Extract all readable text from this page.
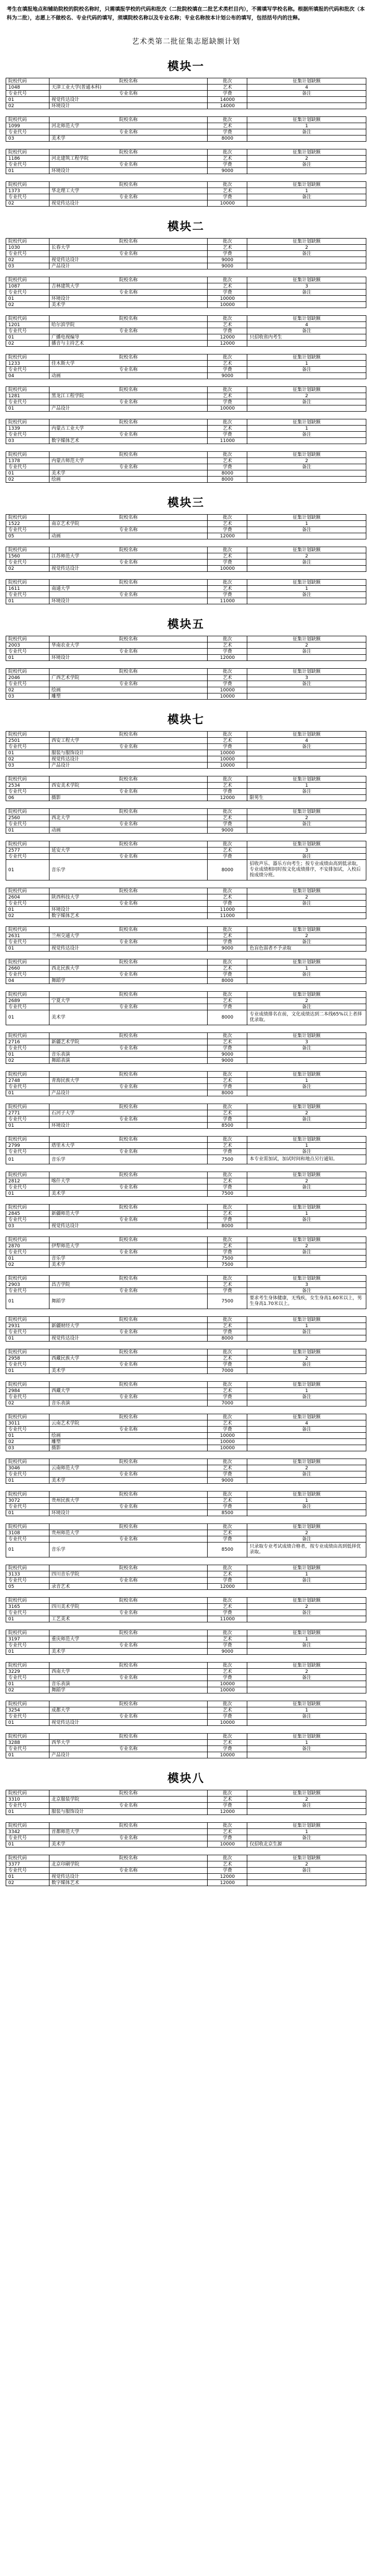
考生在填报地点和辅助院校的院校名称时，只需填报学校的代码和批次（二批院校填在二批艺术类栏目内），不需填写学校名称。根据所填报的代码和批次（本科为二批），志愿上不做校名、专业代码的填写，须填院校名称以及专业名称；专业名称按本计划公布的填写，包括括号内的注释。
艺术类第二批征集志愿缺额计划
模块一
院校代码	院校名称	批次	征集计划缺额
1048	天津工业大学(普通本科)	艺术	4
专业代号	专业名称	学费	备注
01	视觉传达设计	14000	
02	环境设计	14000	
院校代码	院校名称	批次	征集计划缺额
1099	河北师范大学	艺术	1
专业代号	专业名称	学费	备注
03	美术学	8000	
院校代码	院校名称	批次	征集计划缺额
1186	河北建筑工程学院	艺术	2
专业代号	专业名称	学费	备注
01	环境设计	9000	
院校代码	院校名称	批次	征集计划缺额
1373	华北理工大学	艺术	1
专业代号	专业名称	学费	备注
02	视觉传达设计	10000	
模块二
院校代码	院校名称	批次	征集计划缺额
1030	长春大学	艺术	2
专业代号	专业名称	学费	备注
02	视觉传达设计	9000	
03	产品设计	9000	
院校代码	院校名称	批次	征集计划缺额
1087	吉林建筑大学	艺术	3
专业代号	专业名称	学费	备注
01	环境设计	10000	
02	美术学	10000	
院校代码	院校名称	批次	征集计划缺额
1201	哈尔滨学院	艺术	4
专业代号	专业名称	学费	备注
01	广播电视编导	12000	只招收省内考生
02	播音与主持艺术	12000	
院校代码	院校名称	批次	征集计划缺额
1233	佳木斯大学	艺术	1
专业代号	专业名称	学费	备注
04	动画	9000	
院校代码	院校名称	批次	征集计划缺额
1281	黑龙江工程学院	艺术	2
专业代号	专业名称	学费	备注
01	产品设计	10000	
院校代码	院校名称	批次	征集计划缺额
1339	内蒙古工业大学	艺术	1
专业代号	专业名称	学费	备注
03	数字媒体艺术	11000	
院校代码	院校名称	批次	征集计划缺额
1378	内蒙古师范大学	艺术	2
专业代号	专业名称	学费	备注
01	美术学	8000	
02	绘画	8000	
模块三
院校代码	院校名称	批次	征集计划缺额
1522	南京艺术学院	艺术	1
专业代号	专业名称	学费	备注
05	动画	12000	
院校代码	院校名称	批次	征集计划缺额
1560	江苏师范大学	艺术	2
专业代号	专业名称	学费	备注
02	视觉传达设计	10000	
院校代码	院校名称	批次	征集计划缺额
1611	南通大学	艺术	1
专业代号	专业名称	学费	备注
01	环境设计	11000	
模块五
院校代码	院校名称	批次	征集计划缺额
2003	华南农业大学	艺术	2
专业代号	专业名称	学费	备注
01	环境设计	12000	
院校代码	院校名称	批次	征集计划缺额
2046	广西艺术学院	艺术	3
专业代号	专业名称	学费	备注
02	绘画	10000	
03	雕塑	10000	
模块七
院校代码	院校名称	批次	征集计划缺额
2501	西安工程大学	艺术	4
专业代号	专业名称	学费	备注
01	服装与服饰设计	10000	
02	视觉传达设计	10000	
03	产品设计	10000	
院校代码	院校名称	批次	征集计划缺额
2534	西安美术学院	艺术	1
专业代号	专业名称	学费	备注
06	摄影	12000	限男生
院校代码	院校名称	批次	征集计划缺额
2560	西北大学	艺术	2
专业代号	专业名称	学费	备注
01	动画	9000	
院校代码	院校名称	批次	征集计划缺额
2577	延安大学	艺术	3
专业代号	专业名称	学费	备注
01	音乐学	8000	招收声乐、器乐方向考生；按专业成绩由高到低录取，专业成绩相同时按文化成绩排序，不安排加试，入校后按成绩分班。
院校代码	院校名称	批次	征集计划缺额
2604	陕西科技大学	艺术	2
专业代号	专业名称	学费	备注
01	环境设计	11000	
02	数字媒体艺术	11000	
院校代码	院校名称	批次	征集计划缺额
2631	兰州交通大学	艺术	2
专业代号	专业名称	学费	备注
01	视觉传达设计	9000	色盲色弱者不予录取
院校代码	院校名称	批次	征集计划缺额
2660	西北民族大学	艺术	1
专业代号	专业名称	学费	备注
04	舞蹈学	8000	
院校代码	院校名称	批次	征集计划缺额
2689	宁夏大学	艺术	2
专业代号	专业名称	学费	备注
01	美术学	8000	专业成绩排名在前，文化成绩达到二本线65%以上者择优录取。
院校代码	院校名称	批次	征集计划缺额
2716	新疆艺术学院	艺术	3
专业代号	专业名称	学费	备注
01	音乐表演	9000	
02	舞蹈表演	9000	
院校代码	院校名称	批次	征集计划缺额
2748	青海民族大学	艺术	1
专业代号	专业名称	学费	备注
01	产品设计	8000	
院校代码	院校名称	批次	征集计划缺额
2771	石河子大学	艺术	2
专业代号	专业名称	学费	备注
01	环境设计	8500	
院校代码	院校名称	批次	征集计划缺额
2799	塔里木大学	艺术	1
专业代号	专业名称	学费	备注
01	音乐学	7500	本专业需加试，加试时间和地点另行通知。
院校代码	院校名称	批次	征集计划缺额
2812	喀什大学	艺术	2
专业代号	专业名称	学费	备注
01	美术学	7500	
院校代码	院校名称	批次	征集计划缺额
2845	新疆师范大学	艺术	1
专业代号	专业名称	学费	备注
03	视觉传达设计	8000	
院校代码	院校名称	批次	征集计划缺额
2870	伊犁师范大学	艺术	2
专业代号	专业名称	学费	备注
01	音乐学	7500	
02	美术学	7500	
院校代码	院校名称	批次	征集计划缺额
2903	昌吉学院	艺术	3
专业代号	专业名称	学费	备注
01	舞蹈学	7500	要求考生身体健康，无残疾，女生身高1.60米以上，男生身高1.70米以上。
院校代码	院校名称	批次	征集计划缺额
2931	新疆财经大学	艺术	1
专业代号	专业名称	学费	备注
01	视觉传达设计	8000	
院校代码	院校名称	批次	征集计划缺额
2958	西藏民族大学	艺术	2
专业代号	专业名称	学费	备注
01	美术学	7000	
院校代码	院校名称	批次	征集计划缺额
2984	西藏大学	艺术	1
专业代号	专业名称	学费	备注
02	音乐表演	7000	
院校代码	院校名称	批次	征集计划缺额
3011	云南艺术学院	艺术	4
专业代号	专业名称	学费	备注
01	绘画	10000	
02	雕塑	10000	
03	摄影	10000	
院校代码	院校名称	批次	征集计划缺额
3046	云南师范大学	艺术	2
专业代号	专业名称	学费	备注
01	美术学	9000	
院校代码	院校名称	批次	征集计划缺额
3072	贵州民族大学	艺术	1
专业代号	专业名称	学费	备注
01	环境设计	8500	
院校代码	院校名称	批次	征集计划缺额
3108	贵州师范大学	艺术	2
专业代号	专业名称	学费	备注
01	音乐学	8500	只录取专业考试成绩合格者，按专业成绩由高到低择优录取。
院校代码	院校名称	批次	征集计划缺额
3133	四川音乐学院	艺术	1
专业代号	专业名称	学费	备注
05	录音艺术	12000	
院校代码	院校名称	批次	征集计划缺额
3165	四川美术学院	艺术	2
专业代号	专业名称	学费	备注
01	工艺美术	11000	
院校代码	院校名称	批次	征集计划缺额
3197	重庆师范大学	艺术	1
专业代号	专业名称	学费	备注
01	美术学	9000	
院校代码	院校名称	批次	征集计划缺额
3229	西南大学	艺术	2
专业代号	专业名称	学费	备注
01	音乐表演	10000	
02	舞蹈学	10000	
院校代码	院校名称	批次	征集计划缺额
3254	成都大学	艺术	1
专业代号	专业名称	学费	备注
01	视觉传达设计	10000	
院校代码	院校名称	批次	征集计划缺额
3288	西华大学	艺术	1
专业代号	专业名称	学费	备注
01	产品设计	10000	
模块八
院校代码	院校名称	批次	征集计划缺额
3310	北京服装学院	艺术	2
专业代号	专业名称	学费	备注
01	服装与服饰设计	12000	
院校代码	院校名称	批次	征集计划缺额
3342	首都师范大学	艺术	1
专业代号	专业名称	学费	备注
01	美术学	10000	仅招收北京生源
院校代码	院校名称	批次	征集计划缺额
3377	北京印刷学院	艺术	2
专业代号	专业名称	学费	备注
01	视觉传达设计	12000	
02	数字媒体艺术	12000	
